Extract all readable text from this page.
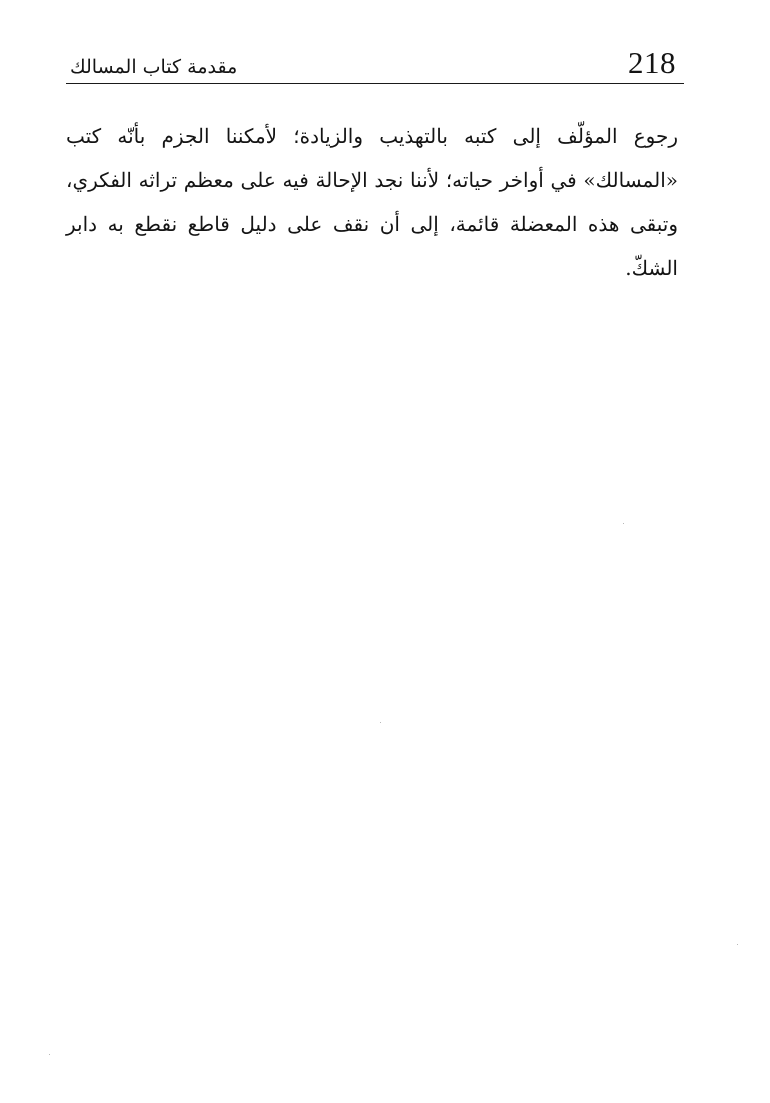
218
مقدمة كتاب المسالك

رجوع المؤلّف إلى كتبه بالتهذيب والزيادة؛ لأمكننا الجزم بأنّه كتب «المسالك» في أواخر حياته؛ لأننا نجد الإحالة فيه على معظم تراثه الفكري، وتبقى هذه المعضلة قائمة، إلى أن نقف على دليل قاطع نقطع به دابر الشكّ.
